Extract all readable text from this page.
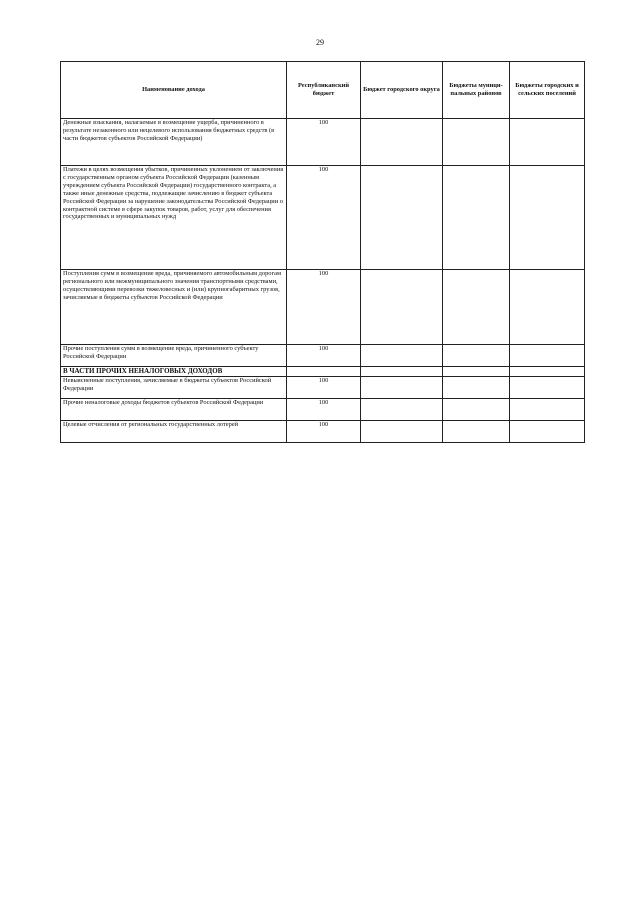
29
Наименование дохода	Республиканский бюджет	Бюджет городского округа	Бюджеты муници-пальных районов	Бюджеты городских и сельских поселений
Денежные взыскания, налагаемые в возмещение ущерба, причиненного в результате незаконного или нецелевого использования бюджетных средств (в части бюджетов субъектов Российской Федерации)	100			
Платежи в целях возмещения убытков, причиненных уклонением от заключения с государственным органом субъекта Российской Федерации (казенным учреждением субъекта Российской Федерации) государственного контракта, а также иные денежные средства, подлежащие зачислению в бюджет субъекта Российской Федерации за нарушение законодательства Российской Федерации о контрактной системе в сфере закупок товаров, работ, услуг для обеспечения государственных и муниципальных нужд	100			
Поступления сумм в возмещение вреда, причиняемого автомобильным дорогам регионального или межмуниципального значения транспортными средствами, осуществляющими перевозки тяжеловесных и (или) крупногабаритных грузов, зачисляемые в бюджеты субъектов Российской Федерации	100			
Прочие поступления сумм в возмещение вреда, причиненного субъекту Российской Федерации	100			
В ЧАСТИ ПРОЧИХ НЕНАЛОГОВЫХ ДОХОДОВ				
Невыясненные поступления, зачисляемые в бюджеты субъектов Российской Федерации	100			
Прочие неналоговые доходы бюджетов субъектов Российской Федерации	100			
Целевые отчисления от региональных государственных лотерей	100			
